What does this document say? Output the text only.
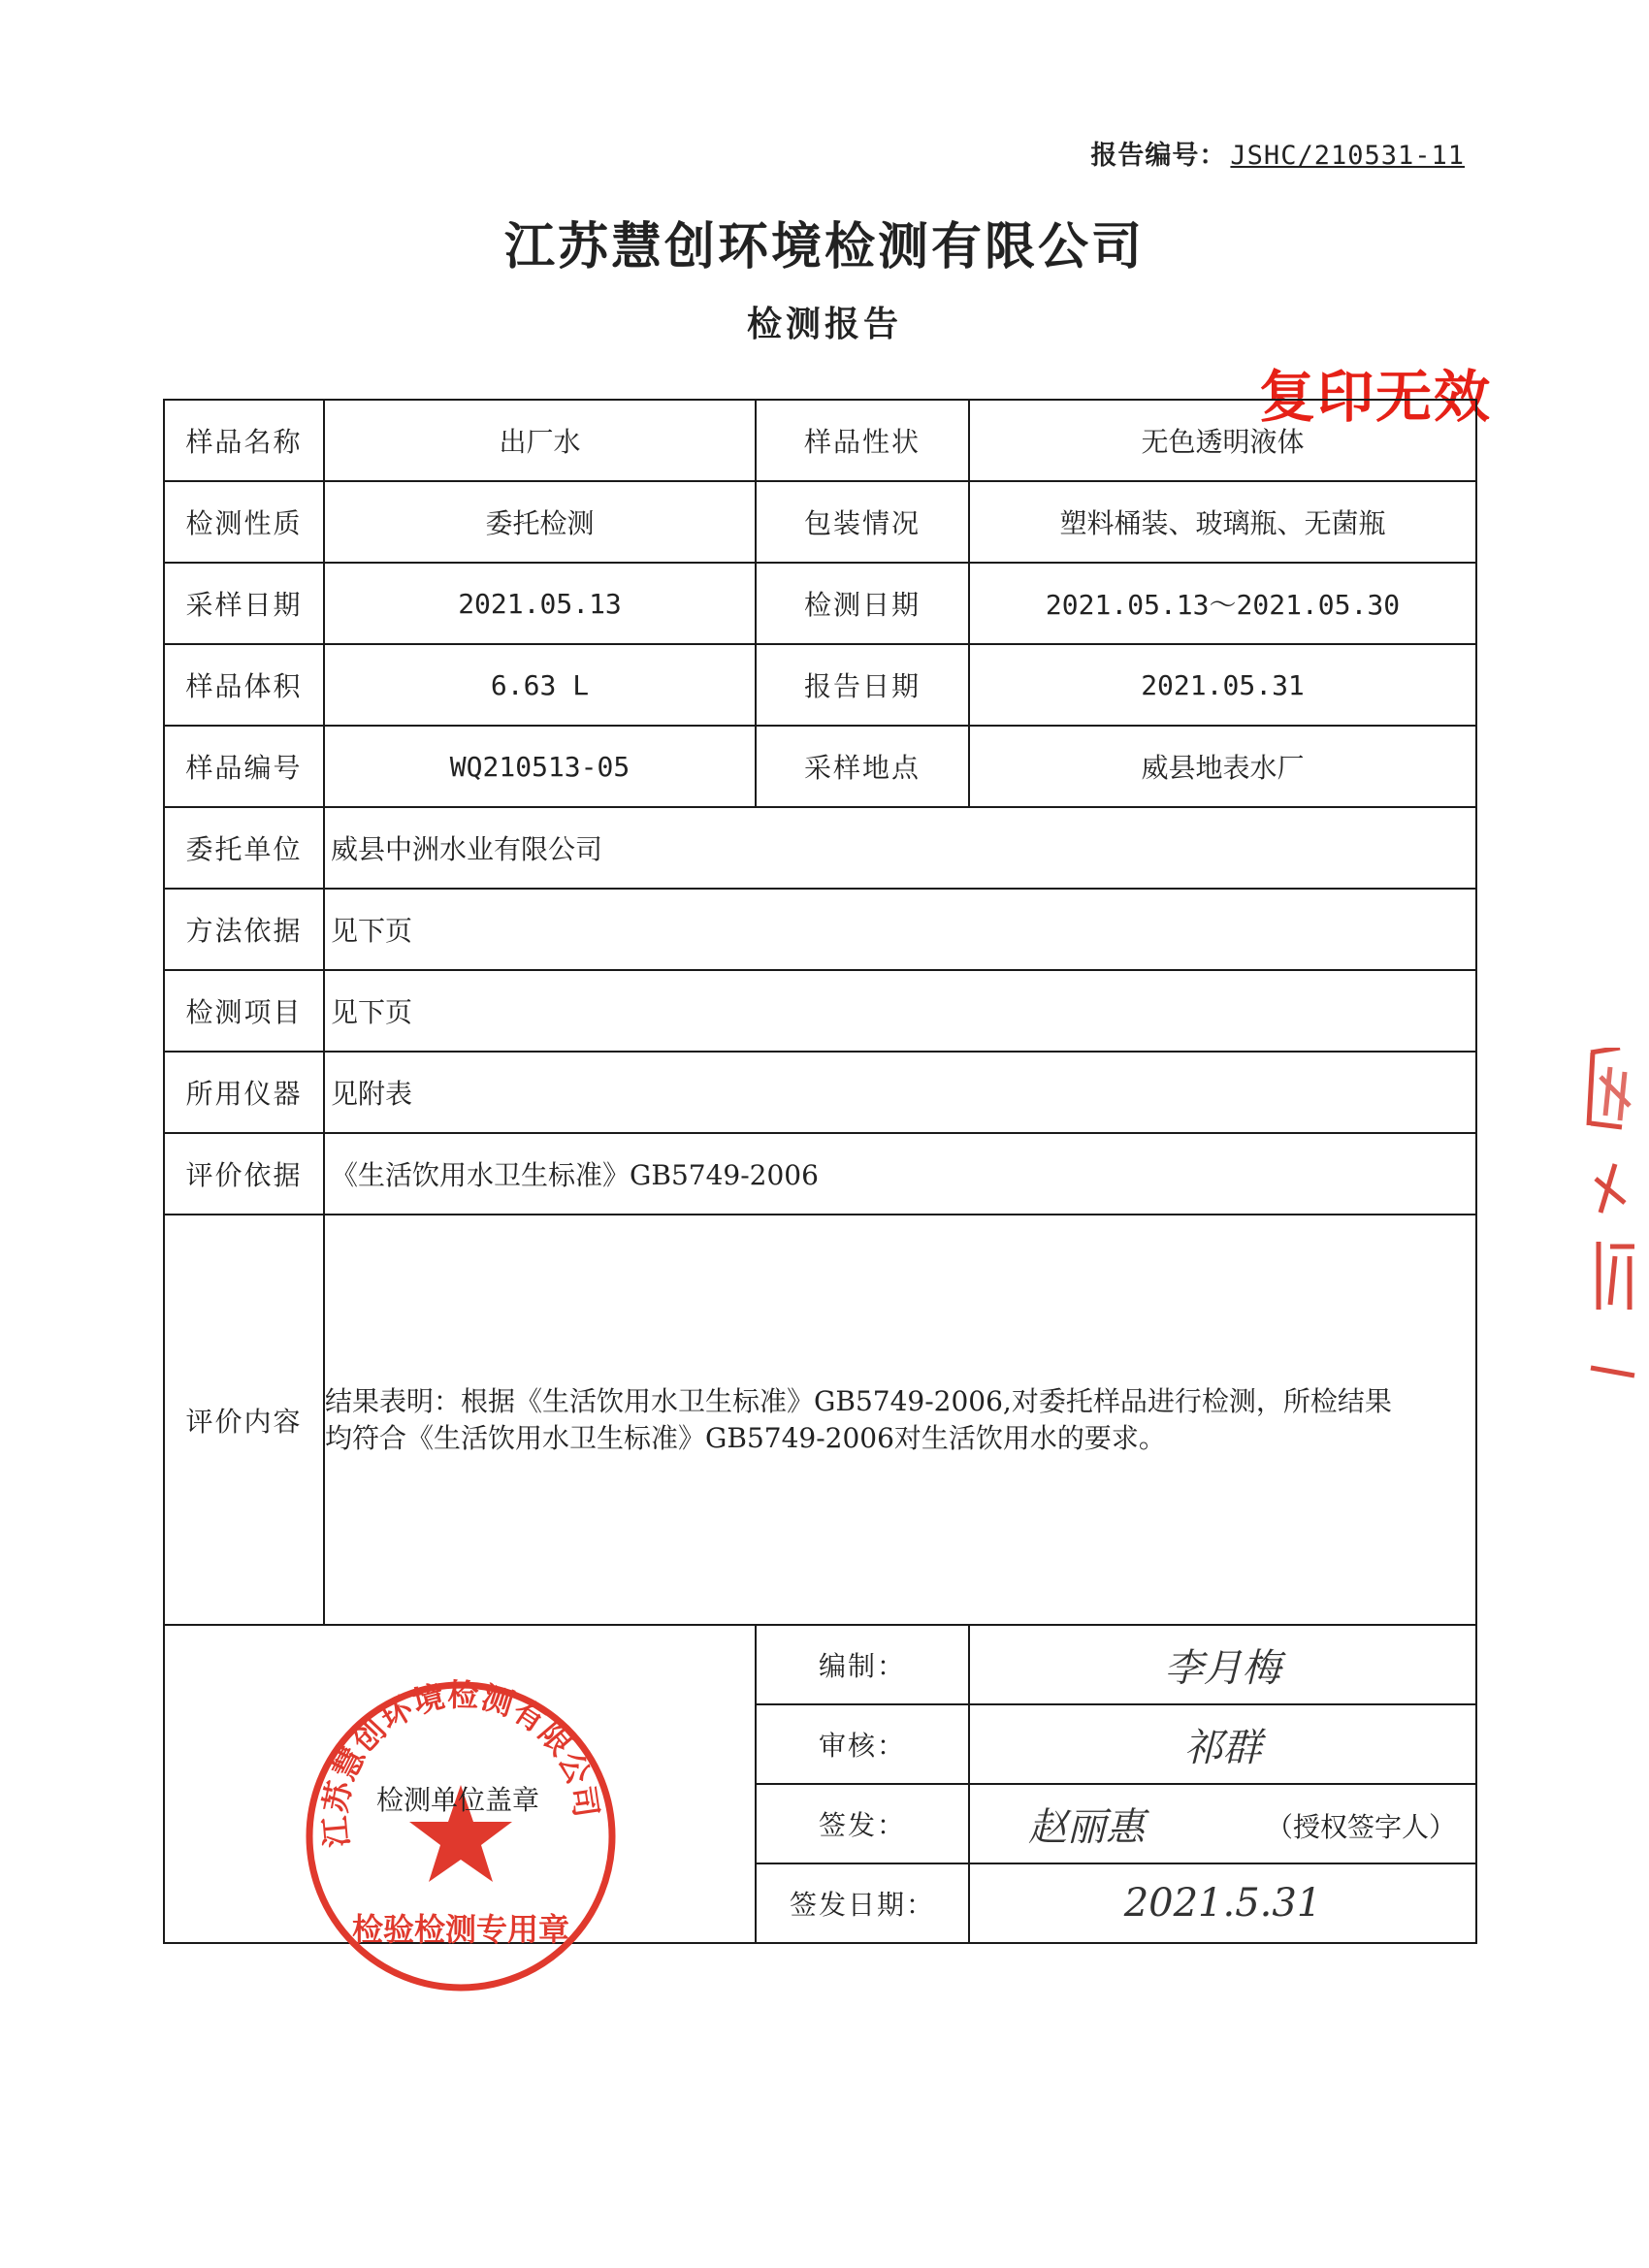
报告编号： JSHC/210531-11
江苏慧创环境检测有限公司
检测报告
复印无效
样品名称	出厂水	样品性状	无色透明液体
检测性质	委托检测	包装情况	塑料桶装、玻璃瓶、无菌瓶
采样日期	2021.05.13	检测日期	2021.05.13～2021.05.30
样品体积	6.63 L	报告日期	2021.05.31
样品编号	WQ210513-05	采样地点	威县地表水厂
委托单位	威县中洲水业有限公司		
方法依据	见下页		
检测项目	见下页		
所用仪器	见附表		
评价依据	《生活饮用水卫生标准》GB5749-2006		
评价内容	结果表明：根据《生活饮用水卫生标准》GB5749-2006,对委托样品进行检测，所检结果
均符合《生活饮用水卫生标准》GB5749-2006对生活饮用水的要求。		

江苏慧创环境检测有限公司
检验检测专用章
检测单位盖章		编制：	李月梅
		审核：	祁群
		签发：	赵丽惠 （授权签字人）

		签发日期：	2021.5.31
